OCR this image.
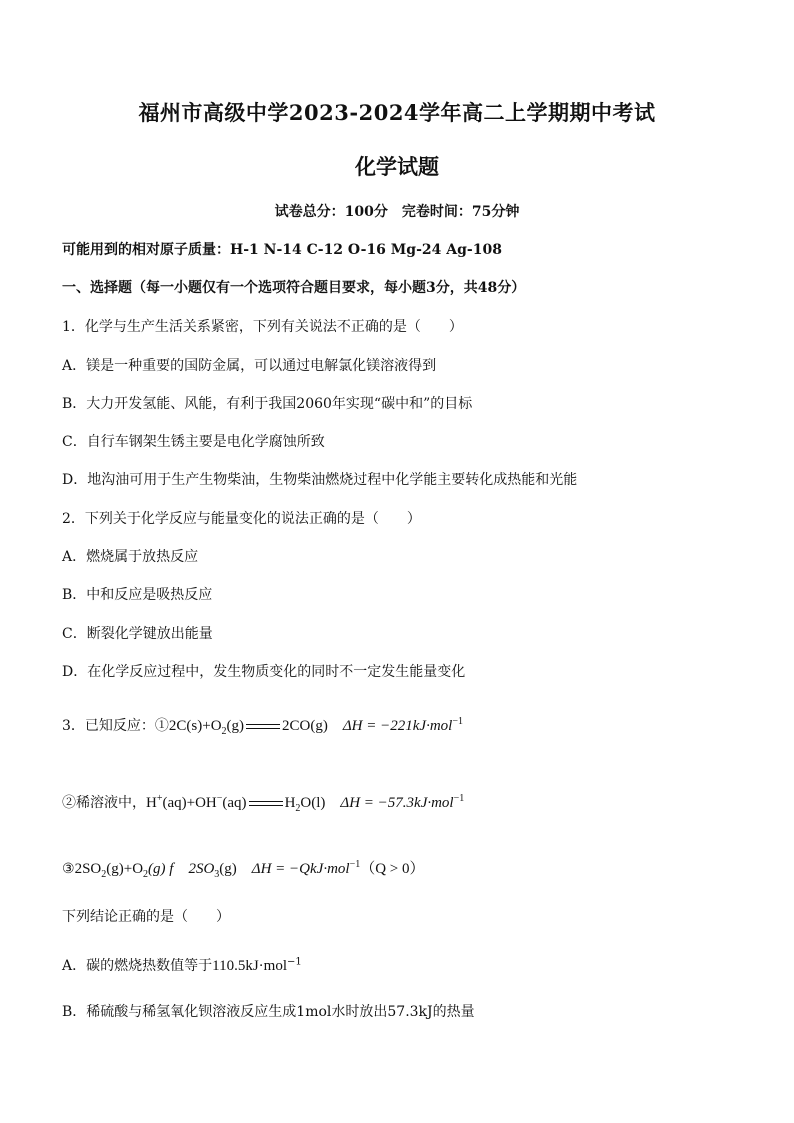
福州市高级中学2023-2024学年高二上学期期中考试
化学试题
试卷总分：100分　完卷时间：75分钟
可能用到的相对原子质量：H-1 N-14 C-12 O-16 Mg-24 Ag-108
一、选择题（每一小题仅有一个选项符合题目要求，每小题3分，共48分）
1．化学与生产生活关系紧密，下列有关说法不正确的是（　　）
A．镁是一种重要的国防金属，可以通过电解氯化镁溶液得到
B．大力开发氢能、风能，有利于我国2060年实现“碳中和”的目标
C．自行车钢架生锈主要是电化学腐蚀所致
D．地沟油可用于生产生物柴油，生物柴油燃烧过程中化学能主要转化成热能和光能
2．下列关于化学反应与能量变化的说法正确的是（　　）
A．燃烧属于放热反应
B．中和反应是吸热反应
C．断裂化学键放出能量
D．在化学反应过程中，发生物质变化的同时不一定发生能量变化
3．已知反应：$①2C(s)+O_2(g)$	2CO(g) ΔH = −221kJ·mol$^{-1}$
②稀溶液中，H+(aq)+OH−(aq)	$H_2O(l) \Delta H = -57.3kJ\cdot mol^{-1}$
$③2SO_2(g)+O_2(g)$ f　$2SO_3(g) \Delta H = -QkJ\cdot mol^{-1}(Q > 0)$
下列结论正确的是（　　）
A．碳的燃烧热数值等于110.5kJ·mol$^{-1}$
B．稀硫酸与稀氢氧化钡溶液反应生成1mol水时放出57.3kJ的热量
